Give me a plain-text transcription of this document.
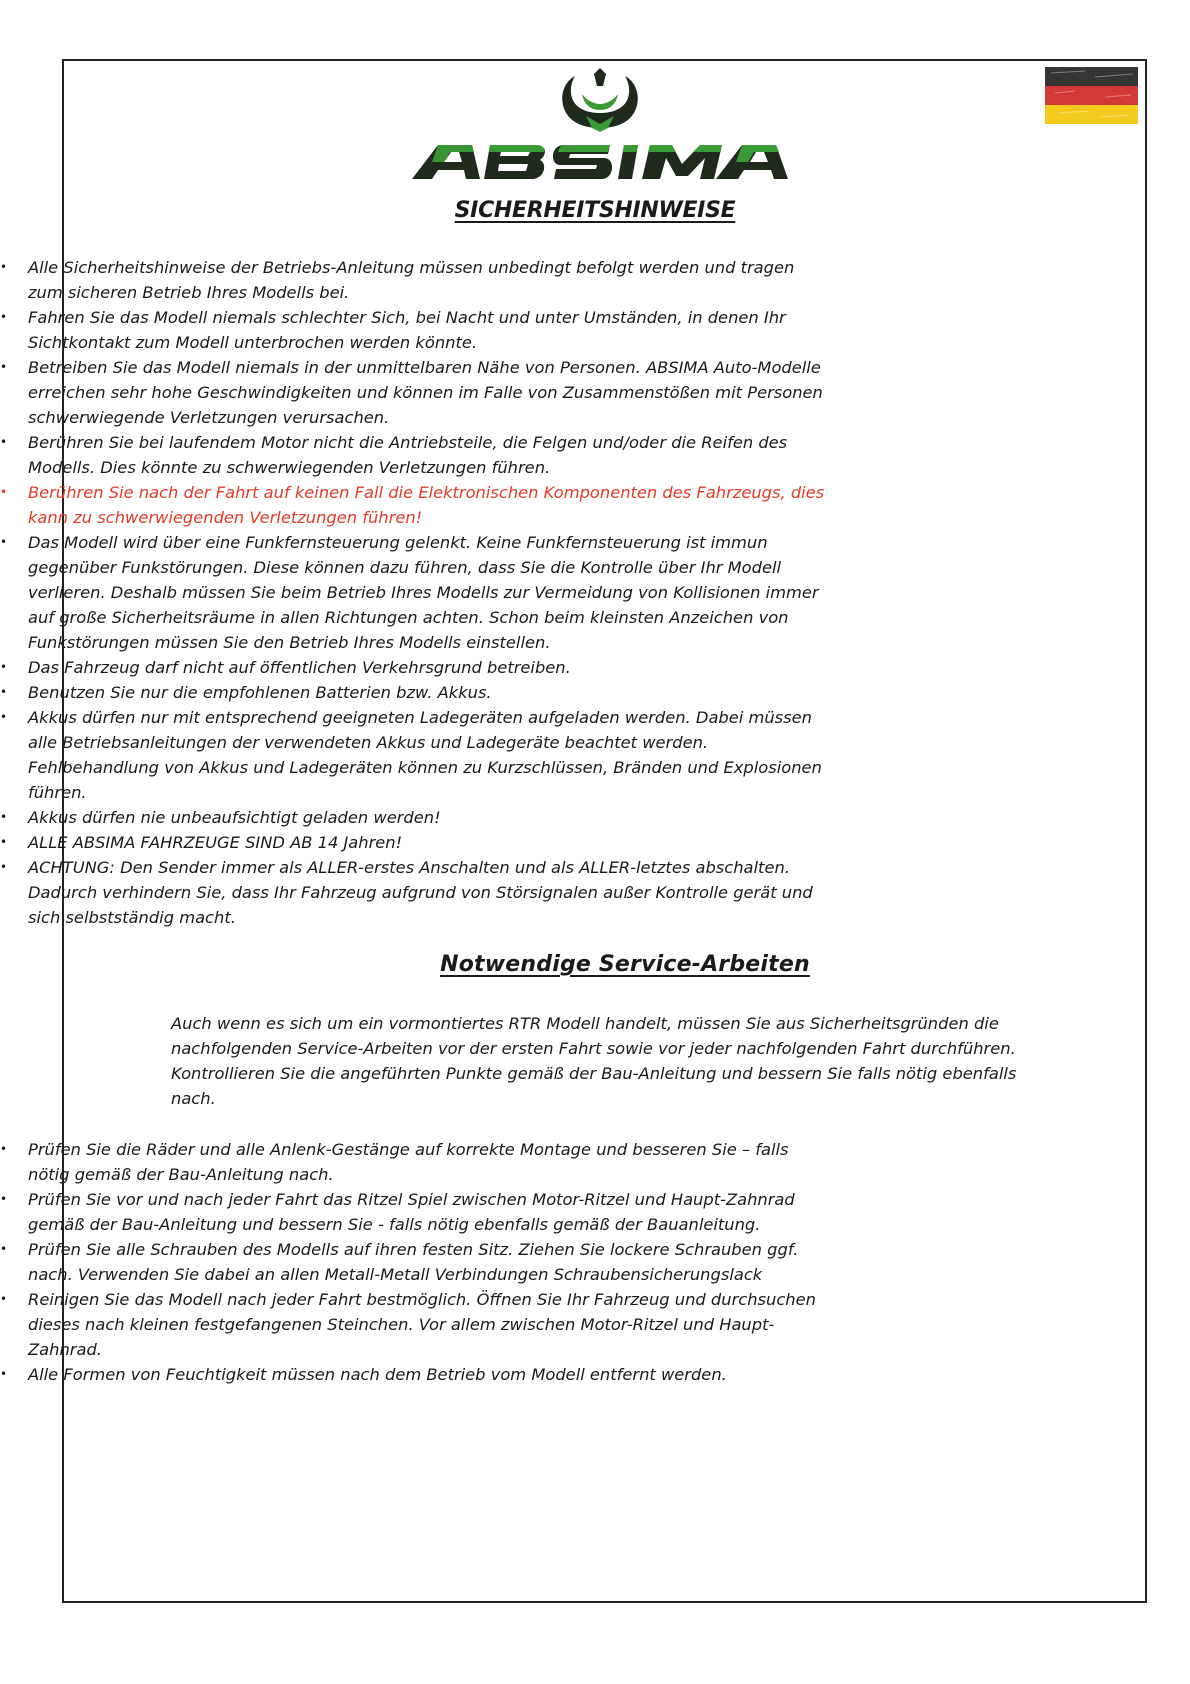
SICHERHEITSHINWEISE
• Alle Sicherheitshinweise der Betriebs-Anleitung müssen unbedingt befolgt werden und tragen zum sicheren Betrieb Ihres Modells bei.
• Fahren Sie das Modell niemals schlechter Sich, bei Nacht und unter Umständen, in denen Ihr Sichtkontakt zum Modell unterbrochen werden könnte.
• Betreiben Sie das Modell niemals in der unmittelbaren Nähe von Personen. ABSIMA Auto-Modelle erreichen sehr hohe Geschwindigkeiten und können im Falle von Zusammenstößen mit Personen schwerwiegende Verletzungen verursachen.
• Berühren Sie bei laufendem Motor nicht die Antriebsteile, die Felgen und/oder die Reifen des Modells. Dies könnte zu schwerwiegenden Verletzungen führen.
• Berühren Sie nach der Fahrt auf keinen Fall die Elektronischen Komponenten des Fahrzeugs, dies kann zu schwerwiegenden Verletzungen führen!
• Das Modell wird über eine Funkfernsteuerung gelenkt. Keine Funkfernsteuerung ist immun gegenüber Funkstörungen. Diese können dazu führen, dass Sie die Kontrolle über Ihr Modell verlieren. Deshalb müssen Sie beim Betrieb Ihres Modells zur Vermeidung von Kollisionen immer auf große Sicherheitsräume in allen Richtungen achten. Schon beim kleinsten Anzeichen von Funkstörungen müssen Sie den Betrieb Ihres Modells einstellen.
• Das Fahrzeug darf nicht auf öffentlichen Verkehrsgrund betreiben.
• Benutzen Sie nur die empfohlenen Batterien bzw. Akkus.
• Akkus dürfen nur mit entsprechend geeigneten Ladegeräten aufgeladen werden. Dabei müssen alle Betriebsanleitungen der verwendeten Akkus und Ladegeräte beachtet werden. Fehlbehandlung von Akkus und Ladegeräten können zu Kurzschlüssen, Bränden und Explosionen führen.
• Akkus dürfen nie unbeaufsichtigt geladen werden!
• ALLE ABSIMA FAHRZEUGE SIND AB 14 Jahren!
• ACHTUNG: Den Sender immer als ALLER-erstes Anschalten und als ALLER-letztes abschalten. Dadurch verhindern Sie, dass Ihr Fahrzeug aufgrund von Störsignalen außer Kontrolle gerät und sich selbstständig macht.
Notwendige Service-Arbeiten

Auch wenn es sich um ein vormontiertes RTR Modell handelt, müssen Sie aus Sicherheitsgründen die nachfolgenden Service-Arbeiten vor der ersten Fahrt sowie vor jeder nachfolgenden Fahrt durchführen. Kontrollieren Sie die angeführten Punkte gemäß der Bau-Anleitung und bessern Sie falls nötig ebenfalls nach.

• Prüfen Sie die Räder und alle Anlenk-Gestänge auf korrekte Montage und besseren Sie – falls nötig gemäß der Bau-Anleitung nach.
• Prüfen Sie vor und nach jeder Fahrt das Ritzel Spiel zwischen Motor-Ritzel und Haupt-Zahnrad gemäß der Bau-Anleitung und bessern Sie - falls nötig ebenfalls gemäß der Bauanleitung.
• Prüfen Sie alle Schrauben des Modells auf ihren festen Sitz. Ziehen Sie lockere Schrauben ggf. nach. Verwenden Sie dabei an allen Metall-Metall Verbindungen Schraubensicherungslack
• Reinigen Sie das Modell nach jeder Fahrt bestmöglich. Öffnen Sie Ihr Fahrzeug und durchsuchen dieses nach kleinen festgefangenen Steinchen. Vor allem zwischen Motor-Ritzel und Haupt-Zahnrad.
• Alle Formen von Feuchtigkeit müssen nach dem Betrieb vom Modell entfernt werden.
